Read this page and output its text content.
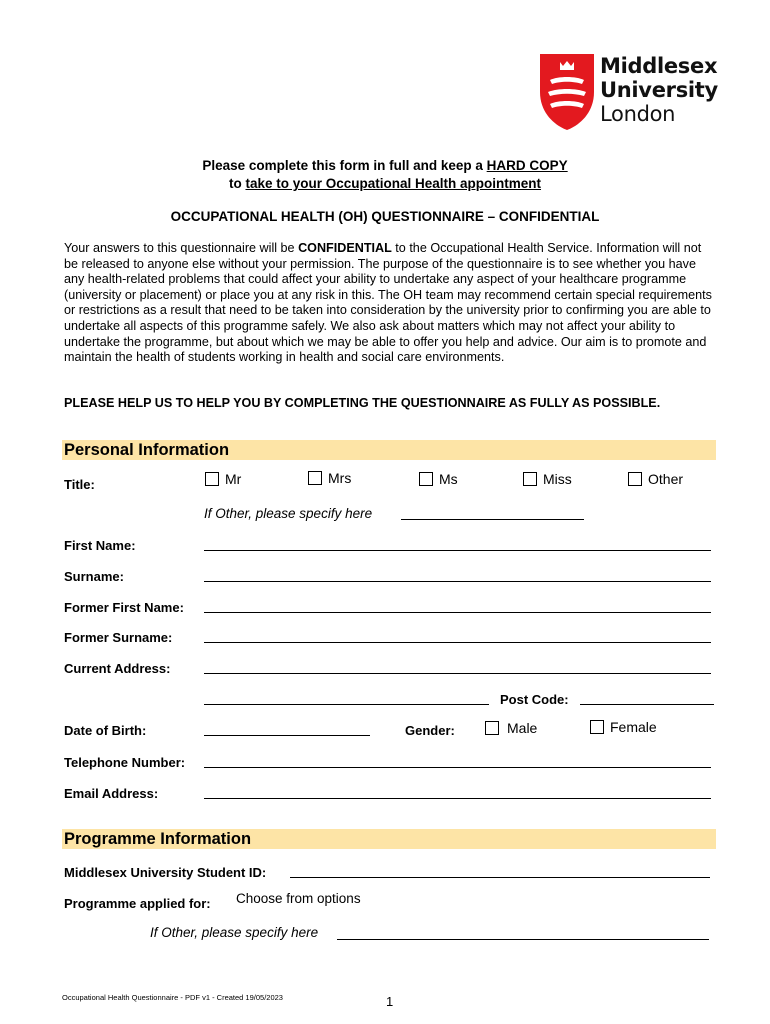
Middlesex
University
London
Please complete this form in full and keep a HARD COPY
to take to your Occupational Health appointment
OCCUPATIONAL HEALTH (OH) QUESTIONNAIRE – CONFIDENTIAL
Your answers to this questionnaire will be CONFIDENTIAL to the Occupational Health Service. Information will not be released to anyone else without your permission. The purpose of the questionnaire is to see whether you have any health-related problems that could affect your ability to undertake any aspect of your healthcare programme (university or placement) or place you at any risk in this. The OH team may recommend certain special requirements or restrictions as a result that need to be taken into consideration by the university prior to confirming you are able to undertake all aspects of this programme safely. We also ask about matters which may not affect your ability to undertake the programme, but about which we may be able to offer you help and advice. Our aim is to promote and maintain the health of students working in health and social care environments.
PLEASE HELP US TO HELP YOU BY COMPLETING THE QUESTIONNAIRE AS FULLY AS POSSIBLE.
Personal Information
Title:	Mr	Mrs	Ms	Miss	Other
If Other, please specify here
First Name:
Surname:
Former First Name:
Former Surname:
Current Address:
Post Code:
Date of Birth:	Gender:	Male	Female
Telephone Number:
Email Address:
Programme Information
Middlesex University Student ID:
Programme applied for: Choose from options
If Other, please specify here
Occupational Health Questionnaire - PDF v1 - Created 19/05/2023	1
